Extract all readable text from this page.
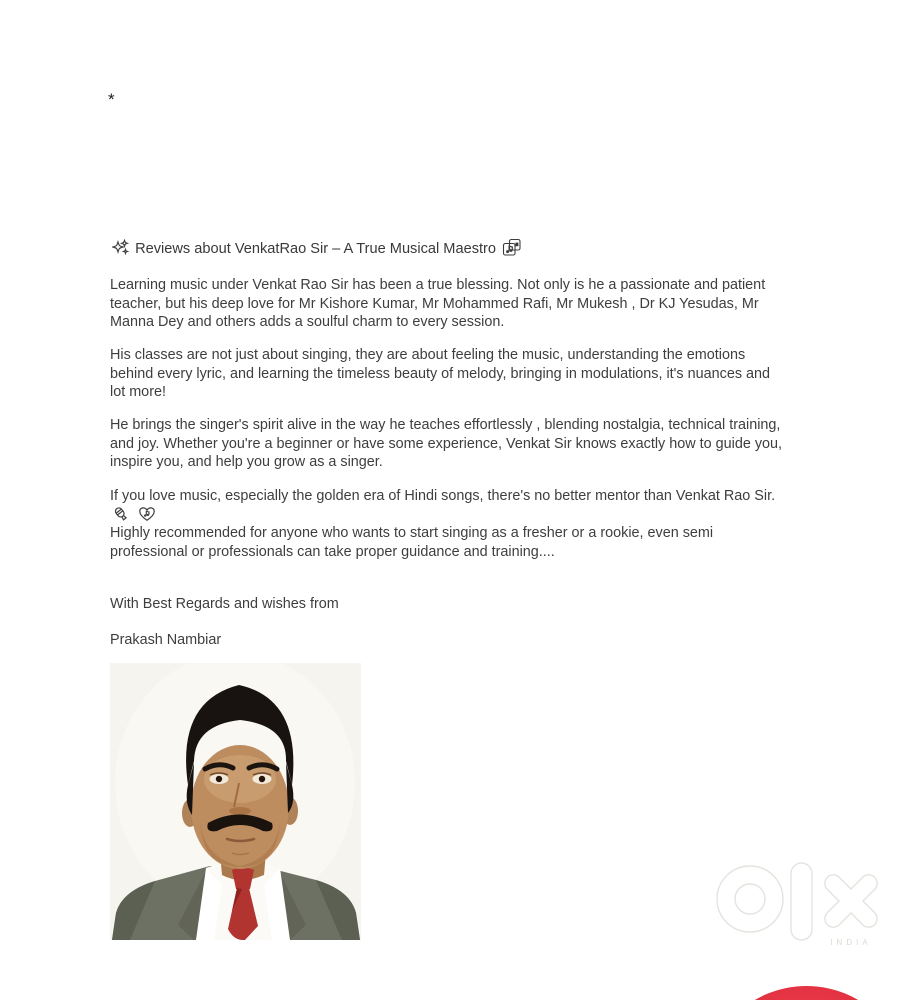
*
Reviews about VenkatRao Sir – A True Musical Maestro
Learning music under Venkat Rao Sir has been a true blessing. Not only is he a passionate and patient teacher, but his deep love for Mr Kishore Kumar, Mr Mohammed Rafi, Mr Mukesh , Dr KJ Yesudas, Mr Manna Dey and others adds a soulful charm to every session.
His classes are not just about singing, they are about feeling the music, understanding the emotions behind every lyric, and learning the timeless beauty of melody, bringing in modulations, it's nuances and lot more!
He brings the singer's spirit alive in the way he teaches effortlessly , blending nostalgia, technical training, and joy. Whether you're a beginner or have some experience, Venkat Sir knows exactly how to guide you, inspire you, and help you grow as a singer.
If you love music, especially the golden era of Hindi songs, there's no better mentor than Venkat Rao Sir.

Highly recommended for anyone who wants to start singing as a fresher or a rookie, even semi professional or professionals can take proper guidance and training....
With Best Regards and wishes from
Prakash Nambiar
INDIA
